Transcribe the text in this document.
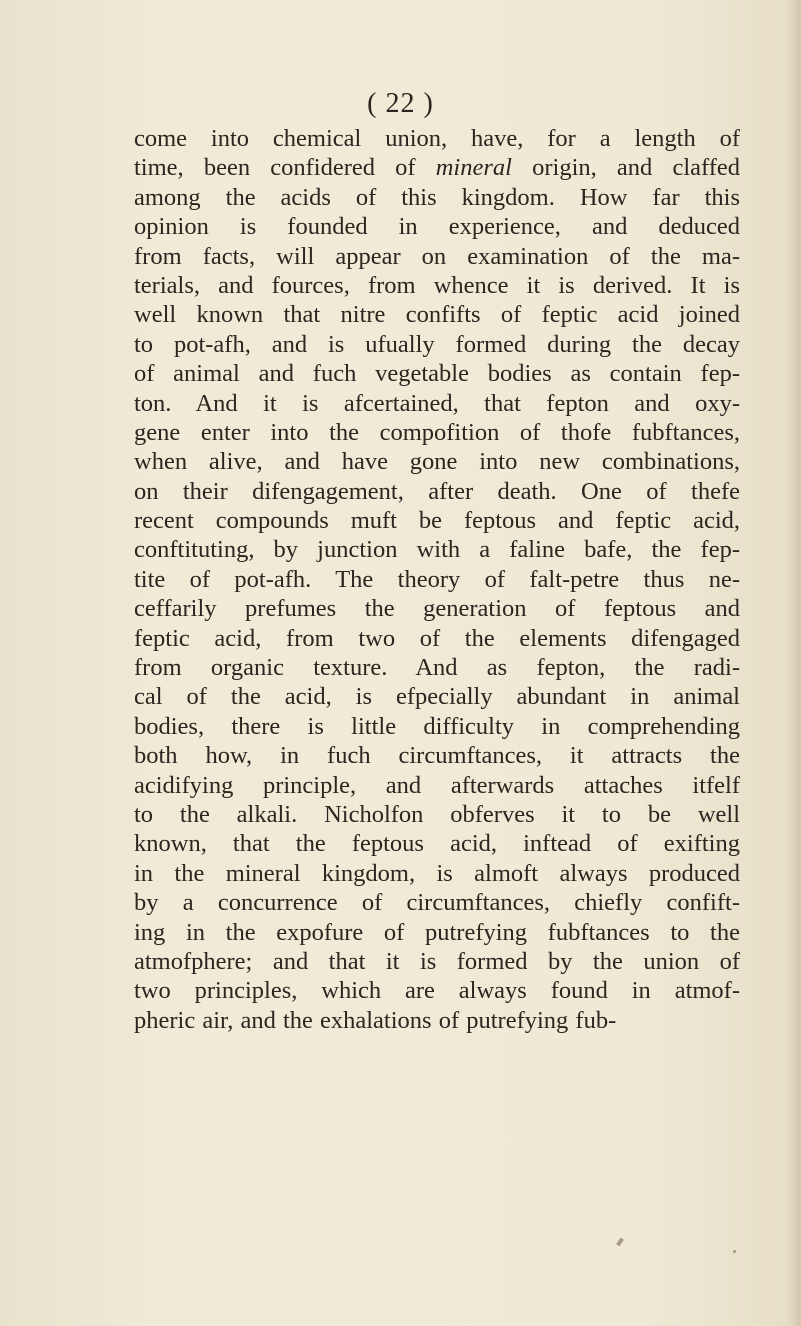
( 22 )
come into chemical union, have, for a length of
time, been confidered of mineral origin, and claffed
among the acids of this kingdom. How far this
opinion is founded in experience, and deduced
from facts, will appear on examination of the ma-
terials, and fources, from whence it is derived. It is
well known that nitre confifts of feptic acid joined
to pot-afh, and is ufually formed during the decay
of animal and fuch vegetable bodies as contain fep-
ton. And it is afcertained, that fepton and oxy-
gene enter into the compofition of thofe fubftances,
when alive, and have gone into new combinations,
on their difengagement, after death. One of thefe
recent compounds muft be feptous and feptic acid,
conftituting, by junction with a faline bafe, the fep-
tite of pot-afh. The theory of falt-petre thus ne-
ceffarily prefumes the generation of feptous and
feptic acid, from two of the elements difengaged
from organic texture. And as fepton, the radi-
cal of the acid, is efpecially abundant in animal
bodies, there is little difficulty in comprehending
both how, in fuch circumftances, it attracts the
acidifying principle, and afterwards attaches itfelf
to the alkali. Nicholfon obferves it to be well
known, that the feptous acid, inftead of exifting
in the mineral kingdom, is almoft always produced
by a concurrence of circumftances, chiefly confift-
ing in the expofure of putrefying fubftances to the
atmofphere; and that it is formed by the union of
two principles, which are always found in atmof-
pheric air, and the exhalations of putrefying fub-
